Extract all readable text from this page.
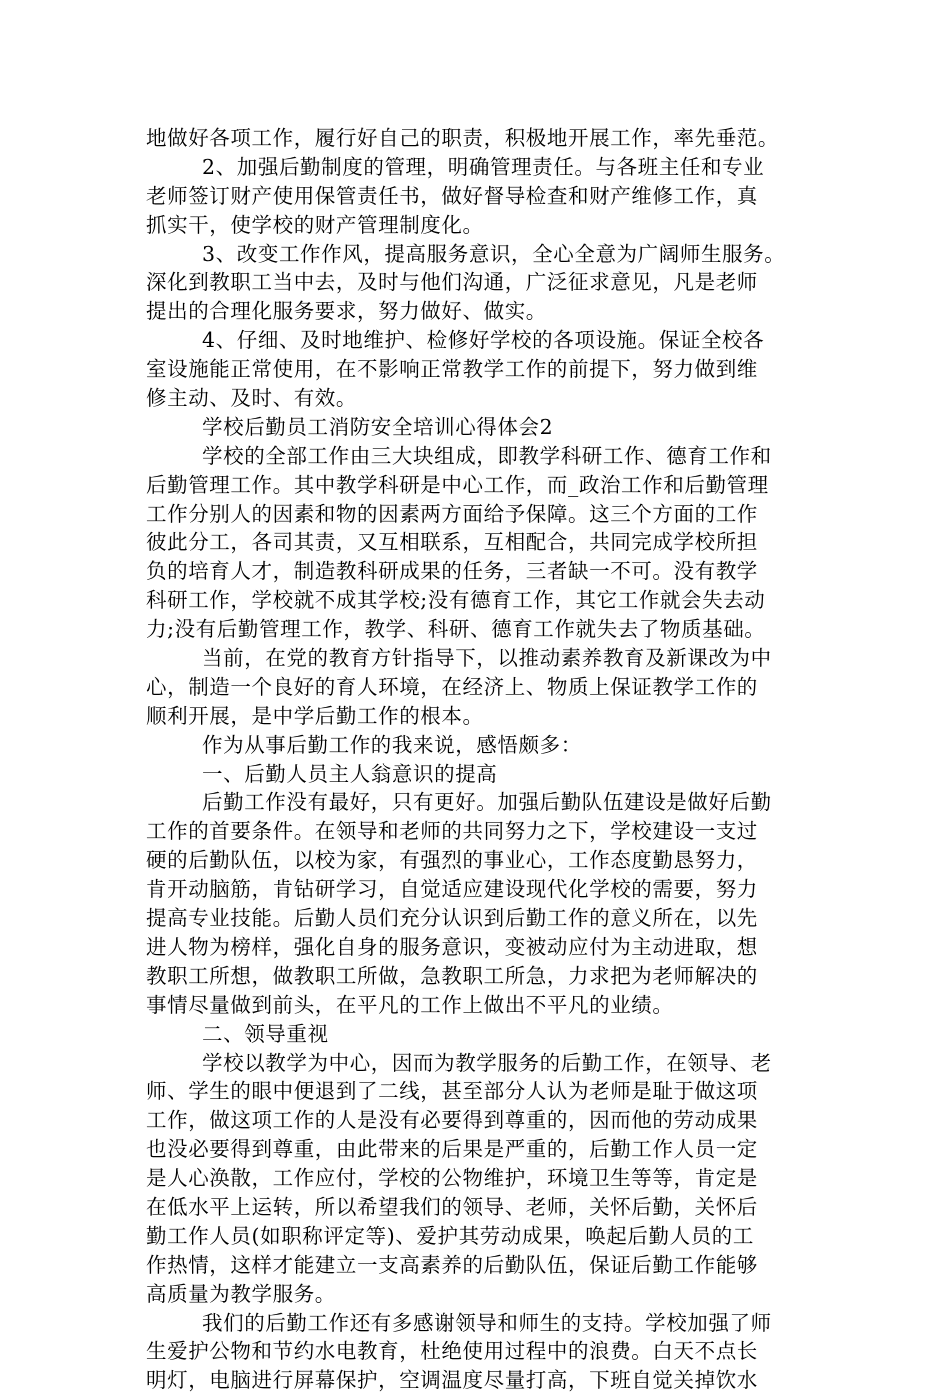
地做好各项工作，履行好自己的职责，积极地开展工作，率先垂范。
2、加强后勤制度的管理，明确管理责任。与各班主任和专业
老师签订财产使用保管责任书，做好督导检查和财产维修工作，真
抓实干，使学校的财产管理制度化。
3、改变工作作风，提高服务意识，全心全意为广阔师生服务。
深化到教职工当中去，及时与他们沟通，广泛征求意见，凡是老师
提出的合理化服务要求，努力做好、做实。
4、仔细、及时地维护、检修好学校的各项设施。保证全校各
室设施能正常使用，在不影响正常教学工作的前提下，努力做到维
修主动、及时、有效。
学校后勤员工消防安全培训心得体会2
学校的全部工作由三大块组成，即教学科研工作、德育工作和
后勤管理工作。其中教学科研是中心工作，而_政治工作和后勤管理
工作分别人的因素和物的因素两方面给予保障。这三个方面的工作
彼此分工，各司其责，又互相联系，互相配合，共同完成学校所担
负的培育人才，制造教科研成果的任务，三者缺一不可。没有教学
科研工作，学校就不成其学校;没有德育工作，其它工作就会失去动
力;没有后勤管理工作，教学、科研、德育工作就失去了物质基础。
当前，在党的教育方针指导下，以推动素养教育及新课改为中
心，制造一个良好的育人环境，在经济上、物质上保证教学工作的
顺利开展，是中学后勤工作的根本。
作为从事后勤工作的我来说，感悟颇多：
一、后勤人员主人翁意识的提高
后勤工作没有最好，只有更好。加强后勤队伍建设是做好后勤
工作的首要条件。在领导和老师的共同努力之下，学校建设一支过
硬的后勤队伍，以校为家，有强烈的事业心，工作态度勤恳努力，
肯开动脑筋，肯钻研学习，自觉适应建设现代化学校的需要，努力
提高专业技能。后勤人员们充分认识到后勤工作的意义所在，以先
进人物为榜样，强化自身的服务意识，变被动应付为主动进取，想
教职工所想，做教职工所做，急教职工所急，力求把为老师解决的
事情尽量做到前头，在平凡的工作上做出不平凡的业绩。
二、领导重视
学校以教学为中心，因而为教学服务的后勤工作，在领导、老
师、学生的眼中便退到了二线，甚至部分人认为老师是耻于做这项
工作，做这项工作的人是没有必要得到尊重的，因而他的劳动成果
也没必要得到尊重，由此带来的后果是严重的，后勤工作人员一定
是人心涣散，工作应付，学校的公物维护，环境卫生等等，肯定是
在低水平上运转，所以希望我们的领导、老师，关怀后勤，关怀后
勤工作人员(如职称评定等)、爱护其劳动成果，唤起后勤人员的工
作热情，这样才能建立一支高素养的后勤队伍，保证后勤工作能够
高质量为教学服务。
我们的后勤工作还有多感谢领导和师生的支持。学校加强了师
生爱护公物和节约水电教育，杜绝使用过程中的浪费。白天不点长
明灯，电脑进行屏幕保护，空调温度尽量打高，下班自觉关掉饮水
